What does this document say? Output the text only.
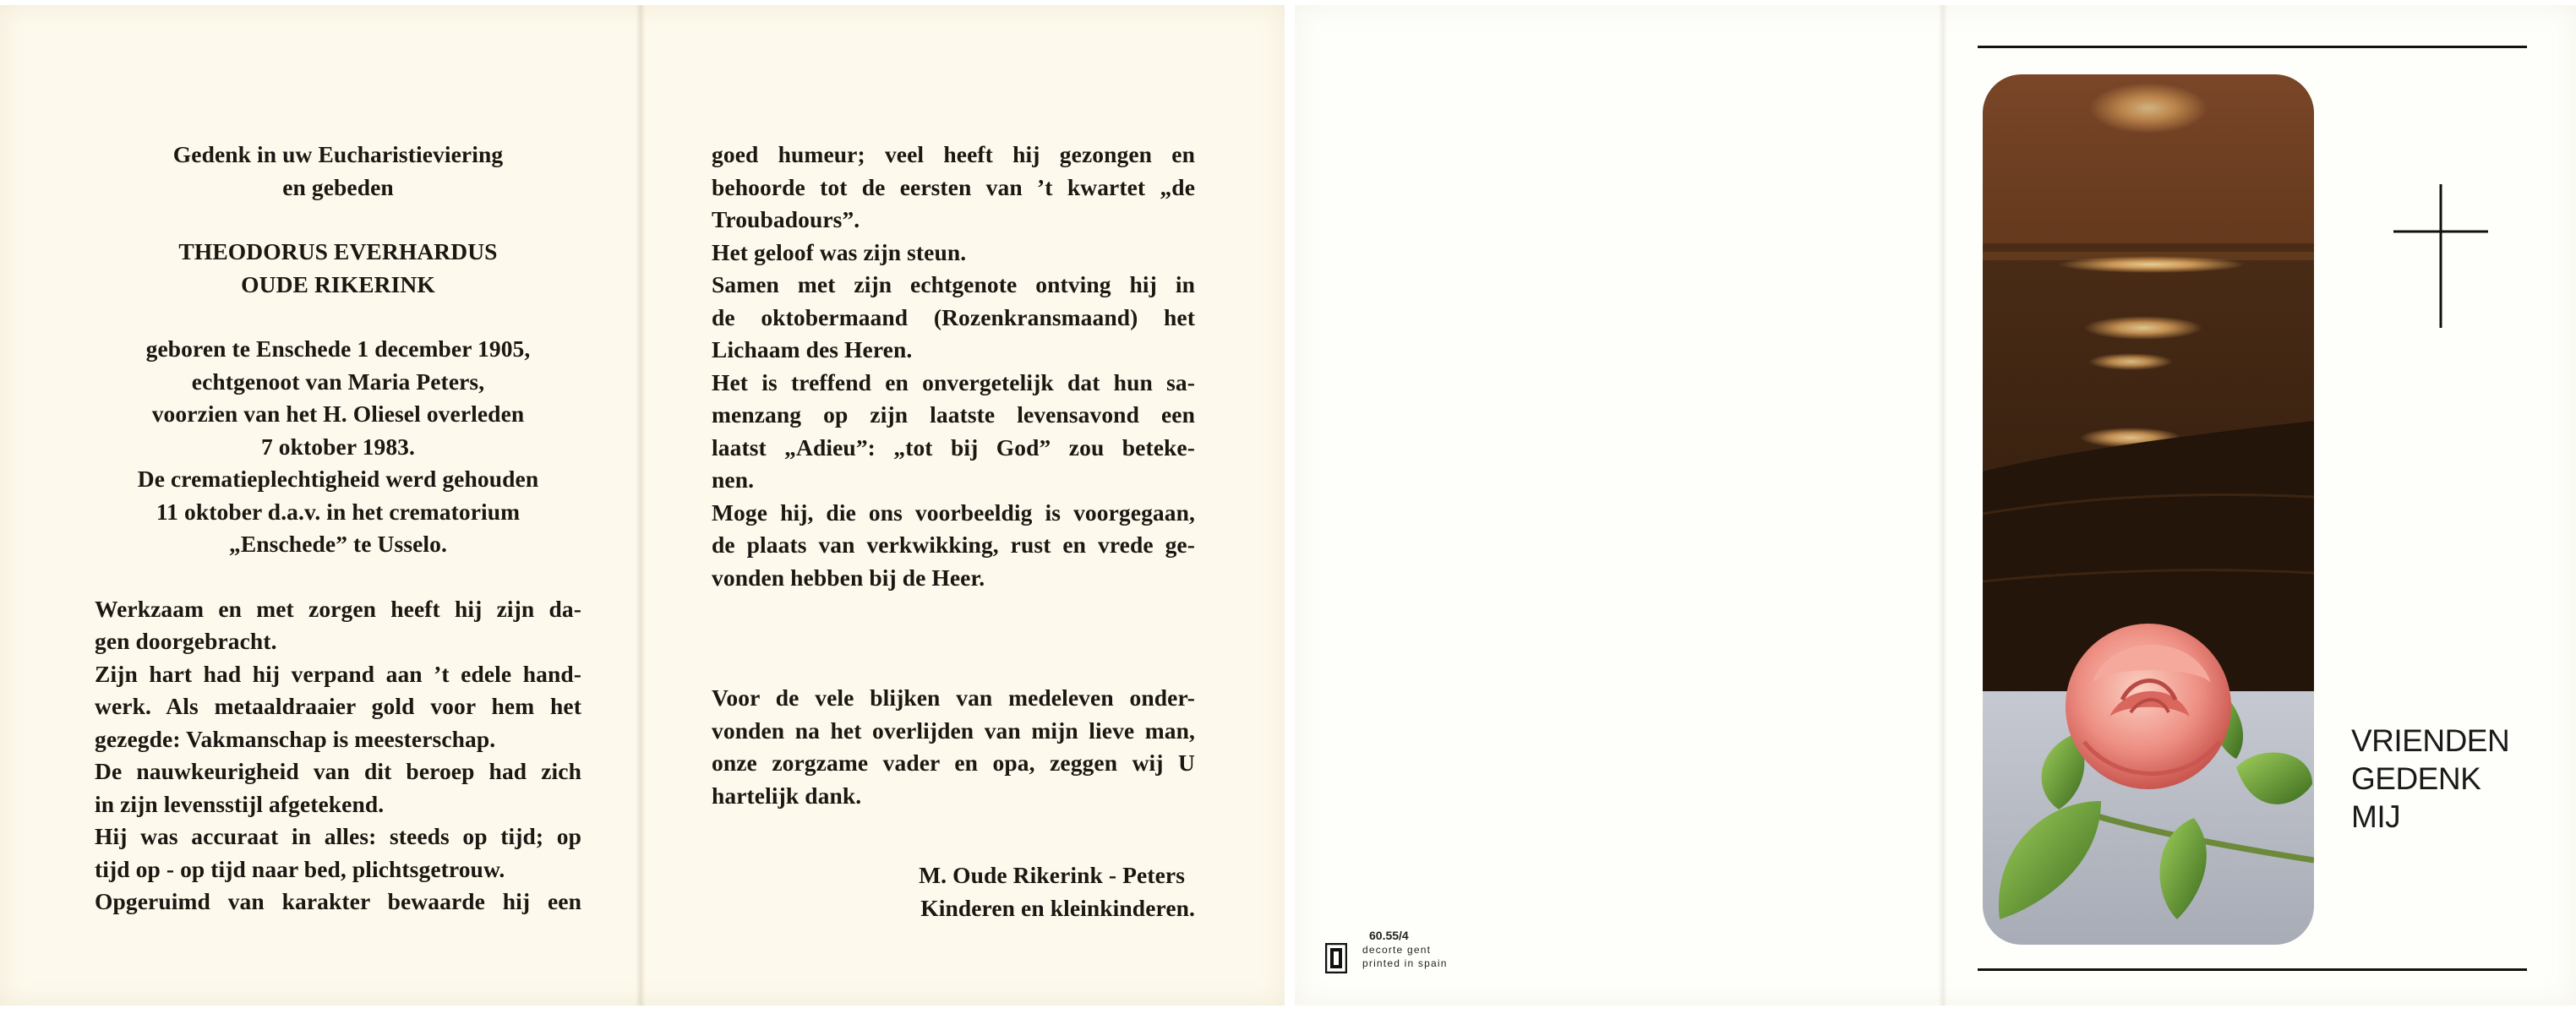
Gedenk in uw Eucharistieviering
en gebeden
THEODORUS EVERHARDUS
OUDE RIKERINK
geboren te Enschede 1 december 1905,
echtgenoot van Maria Peters,
voorzien van het H. Oliesel overleden
7 oktober 1983.
De crematieplechtigheid werd gehouden
11 oktober d.a.v. in het crematorium
„Enschede” te Usselo.
Werkzaam en met zorgen heeft hij zijn da-
gen doorgebracht.
Zijn hart had hij verpand aan ’t edele hand-
werk. Als metaaldraaier gold voor hem het
gezegde: Vakmanschap is meesterschap.
De nauwkeurigheid van dit beroep had zich
in zijn levensstijl afgetekend.
Hij was accuraat in alles: steeds op tijd; op
tijd op - op tijd naar bed, plichtsgetrouw.
Opgeruimd van karakter bewaarde hij een
goed humeur; veel heeft hij gezongen en
behoorde tot de eersten van ’t kwartet „de
Troubadours”.
Het geloof was zijn steun.
Samen met zijn echtgenote ontving hij in
de oktobermaand (Rozenkransmaand) het
Lichaam des Heren.
Het is treffend en onvergetelijk dat hun sa-
menzang op zijn laatste levensavond een
laatst „Adieu”: „tot bij God” zou beteke-
nen.
Moge hij, die ons voorbeeldig is voorgegaan,
de plaats van verkwikking, rust en vrede ge-
vonden hebben bij de Heer.
Voor de vele blijken van medeleven onder-
vonden na het overlijden van mijn lieve man,
onze zorgzame vader en opa, zeggen wij U
hartelijk dank.
M. Oude Rikerink - Peters
Kinderen en kleinkinderen.
60.55/4
decorte gent
printed in spain
VRIENDEN
GEDENK
MIJ
